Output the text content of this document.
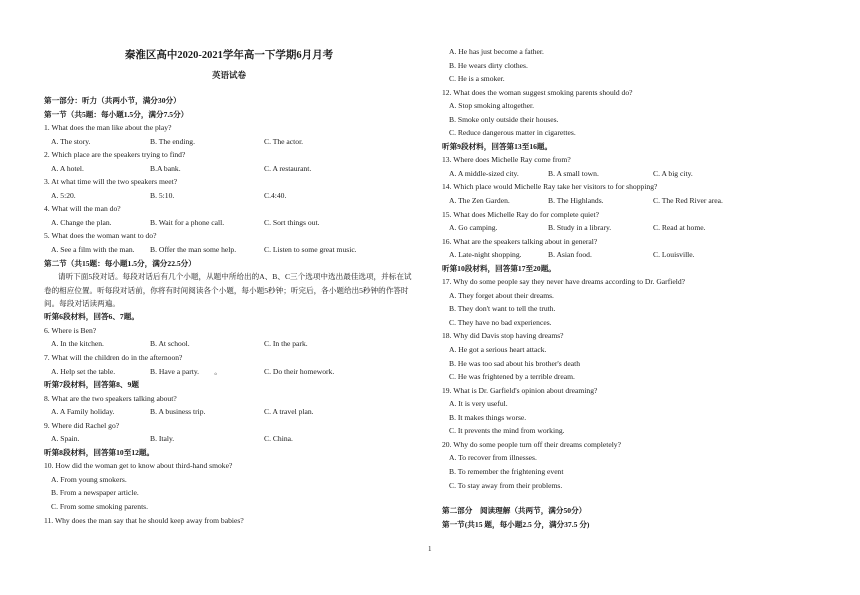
秦淮区高中2020-2021学年高一下学期6月月考
英语试卷
第一部分：听力（共两小节，满分30分）
第一节（共5题：每小题1.5分，满分7.5分）
1. What does the man like about the play?
A. The story.	B. The ending.	C. The actor.
2. Which place are the speakers trying to find?
A. A hotel.	B.A bank.	C. A restaurant.
3. At what time will the two speakers meet?
A. 5:20.	B. 5:10.	C.4:40.
4. What will the man do?
A. Change the plan.	B. Wait for a phone call.	C. Sort things out.
5. What does the woman want to do?
A. See a film with the man.	B. Offer the man some help.	C. Listen to some great music.
第二节（共15题：每小题1.5分，满分22.5分）
请听下面5段对话。每段对话后有几个小题，从题中所给出的A、B、C三个选项中选出最佳选项，并标在试卷的相应位置。听每段对话前，你将有时间阅读各个小题，每小题5秒钟；听完后，各小题给出5秒钟的作答时间。每段对话读两遍。
听第6段材料，回答6、7题。
6. Where is Ben?
A. In the kitchen.	B. At school.	C. In the park.
7. What will the children do in the afternoon?
A. Help set the table.	B. Have a party.　　。	C. Do their homework.
听第7段材料，回答第8、9题
8. What are the two speakers talking about?
A. A Family holiday.	B. A business trip.	C. A travel plan.
9. Where did Rachel go?
A. Spain.	B. Italy.	C. China.
听第8段材料，回答第10至12题。
10. How did the woman get to know about third-hand smoke?
A. From young smokers.
B. From a newspaper article.
C. From some smoking parents.
11. Why does the man say that he should keep away from babies?
A. He has just become a father.
B. He wears dirty clothes.
C. He is a smoker.
12. What does the woman suggest smoking parents should do?
A. Stop smoking altogether.
B. Smoke only outside their houses.
C. Reduce dangerous matter in cigarettes.
听第9段材料，回答第13至16题。
13. Where does Michelle Ray come from?
A. A middle-sized city.	B. A small town.	C. A big city.
14. Which place would Michelle Ray take her visitors to for shopping?
A. The Zen Garden.	B. The Highlands.	C. The Red River area.
15. What does Michelle Ray do for complete quiet?
A. Go camping.	B. Study in a library.	C. Read at home.
16. What are the speakers talking about in general?
A. Late-night shopping.	B. Asian food.	C. Louisville.
听第10段材料，回答第17至20题。
17. Why do some people say they never have dreams according to Dr. Garfield?
A. They forget about their dreams.
B. They don't want to tell the truth.
C. They have no bad experiences.
18. Why did Davis stop having dreams?
A. He got a serious heart attack.
B. He was too sad about his brother's death
C. He was frightened by a terrible dream.
19. What is Dr. Garfield's opinion about dreaming?
A. It is very useful.
B. It makes things worse.
C. It prevents the mind from working.
20. Why do some people turn off their dreams completely?
A. To recover from illnesses.
B. To remember the frightening event
C. To stay away from their problems.
第二部分　阅读理解（共两节，满分50分）
第一节(共15 题，每小题2.5 分，满分37.5 分)
1
